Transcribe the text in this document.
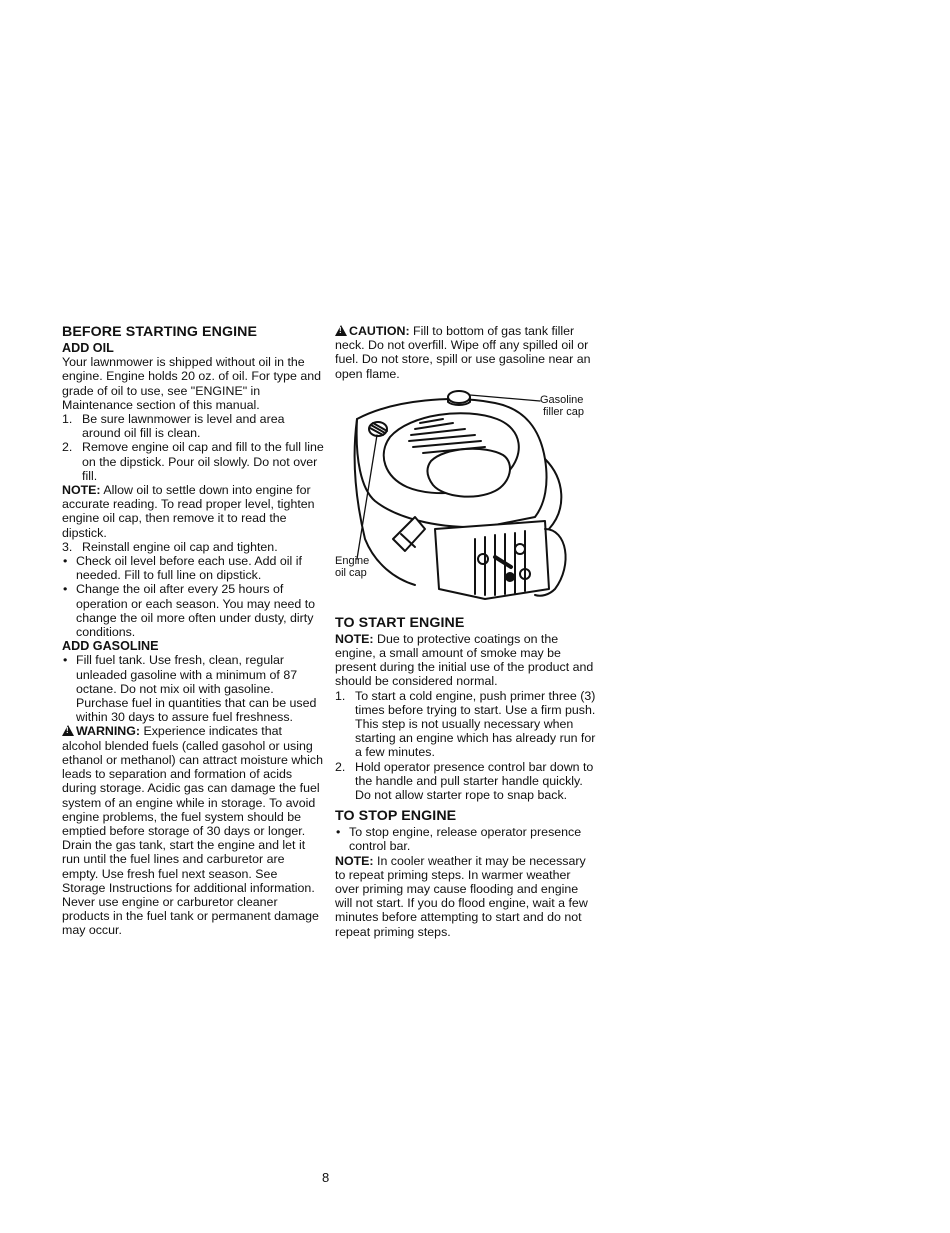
BEFORE STARTING ENGINE
ADD OIL

Your lawnmower is shipped without oil in the engine. Engine holds 20 oz. of oil. For type and grade of oil to use, see "ENGINE" in Maintenance section of this manual.

1. Be sure lawnmower is level and area around oil fill is clean.
2. Remove engine oil cap and fill to the full line on the dipstick. Pour oil slowly. Do not over fill.

NOTE: Allow oil to settle down into engine for accurate reading. To read proper level, tighten engine oil cap, then remove it to read the dipstick.

3. Reinstall engine oil cap and tighten.
• Check oil level before each use. Add oil if needed. Fill to full line on dipstick.
• Change the oil after every 25 hours of operation or each season. You may need to change the oil more often under dusty, dirty conditions.
ADD GASOLINE
• Fill fuel tank. Use fresh, clean, regular unleaded gasoline with a minimum of 87 octane. Do not mix oil with gasoline. Purchase fuel in quantities that can be used within 30 days to assure fuel freshness.

!WARNING: Experience indicates that alcohol blended fuels (called gasohol or using ethanol or methanol) can attract moisture which leads to separation and formation of acids during storage. Acidic gas can damage the fuel system of an engine while in storage. To avoid engine problems, the fuel system should be emptied before storage of 30 days or longer. Drain the gas tank, start the engine and let it run until the fuel lines and carburetor are empty. Use fresh fuel next season. See Storage Instructions for additional information. Never use engine or carburetor cleaner products in the fuel tank or permanent damage may occur.

!CAUTION: Fill to bottom of gas tank filler neck. Do not overfill. Wipe off any spilled oil or fuel. Do not store, spill or use gasoline near an open flame.

Gasoline
filler cap
Engine
oil cap
TO START ENGINE

NOTE: Due to protective coatings on the engine, a small amount of smoke may be present during the initial use of the product and should be considered normal.

1. To start a cold engine, push primer three (3) times before trying to start. Use a firm push. This step is not usually necessary when starting an engine which has already run for a few minutes.
2. Hold operator presence control bar down to the handle and pull starter handle quickly. Do not allow starter rope to snap back.
TO STOP ENGINE
• To stop engine, release operator presence control bar.

NOTE: In cooler weather it may be necessary to repeat priming steps. In warmer weather over priming may cause flooding and engine will not start. If you do flood engine, wait a few minutes before attempting to start and do not repeat priming steps.

8
